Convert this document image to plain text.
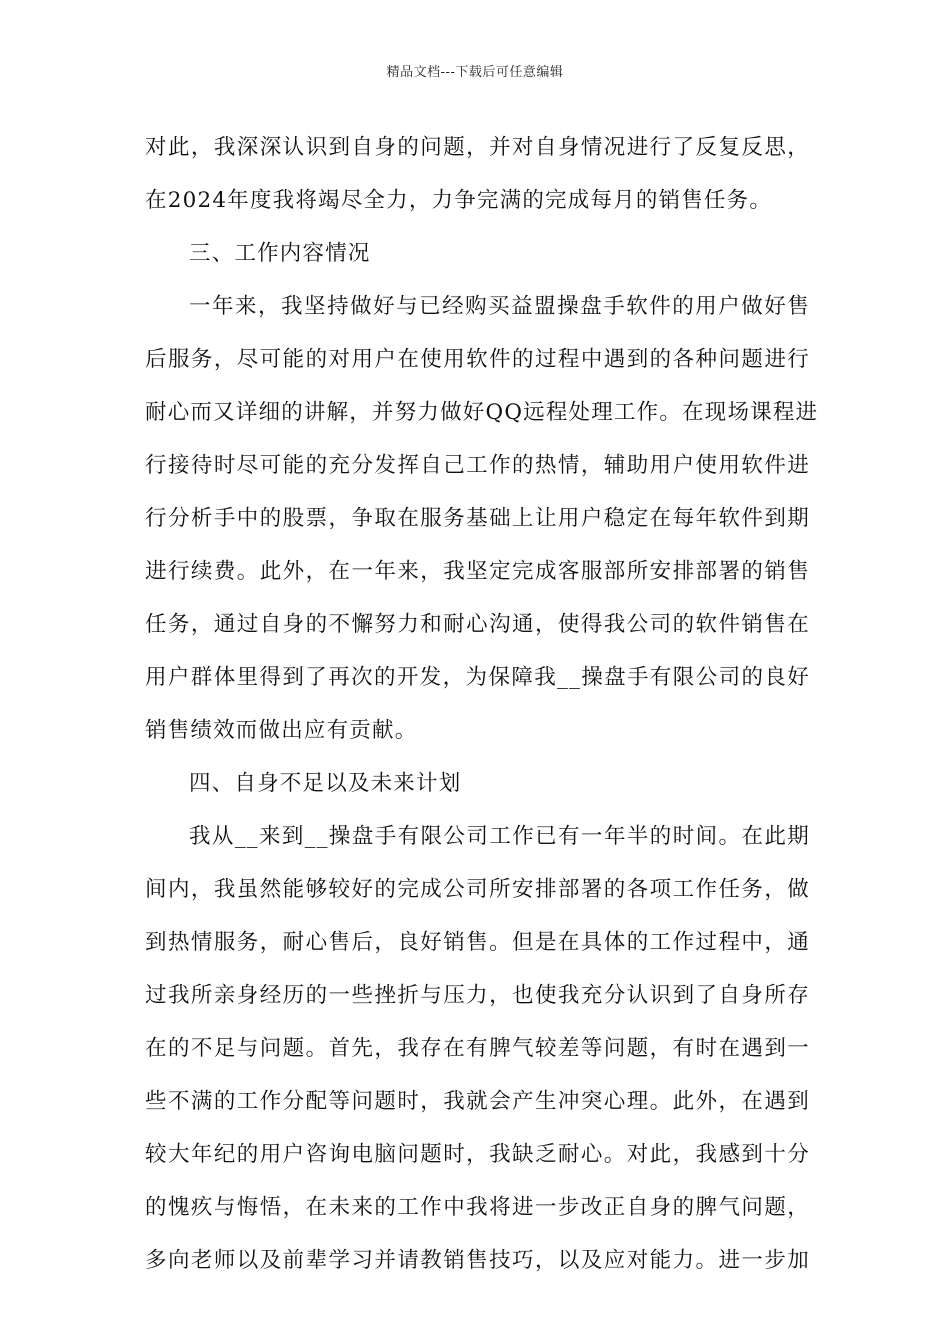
精品文档---下载后可任意编辑
对此，我深深认识到自身的问题，并对自身情况进行了反复反思，
在2024年度我将竭尽全力，力争完满的完成每月的销售任务。
三、工作内容情况
一年来，我坚持做好与已经购买益盟操盘手软件的用户做好售
后服务，尽可能的对用户在使用软件的过程中遇到的各种问题进行
耐心而又详细的讲解，并努力做好QQ远程处理工作。在现场课程进
行接待时尽可能的充分发挥自己工作的热情，辅助用户使用软件进
行分析手中的股票，争取在服务基础上让用户稳定在每年软件到期
进行续费。此外，在一年来，我坚定完成客服部所安排部署的销售
任务，通过自身的不懈努力和耐心沟通，使得我公司的软件销售在
用户群体里得到了再次的开发，为保障我__操盘手有限公司的良好
销售绩效而做出应有贡献。
四、自身不足以及未来计划
我从__来到__操盘手有限公司工作已有一年半的时间。在此期
间内，我虽然能够较好的完成公司所安排部署的各项工作任务，做
到热情服务，耐心售后，良好销售。但是在具体的工作过程中，通
过我所亲身经历的一些挫折与压力，也使我充分认识到了自身所存
在的不足与问题。首先，我存在有脾气较差等问题，有时在遇到一
些不满的工作分配等问题时，我就会产生冲突心理。此外，在遇到
较大年纪的用户咨询电脑问题时，我缺乏耐心。对此，我感到十分
的愧疚与悔悟，在未来的工作中我将进一步改正自身的脾气问题，
多向老师以及前辈学习并请教销售技巧，以及应对能力。进一步加
